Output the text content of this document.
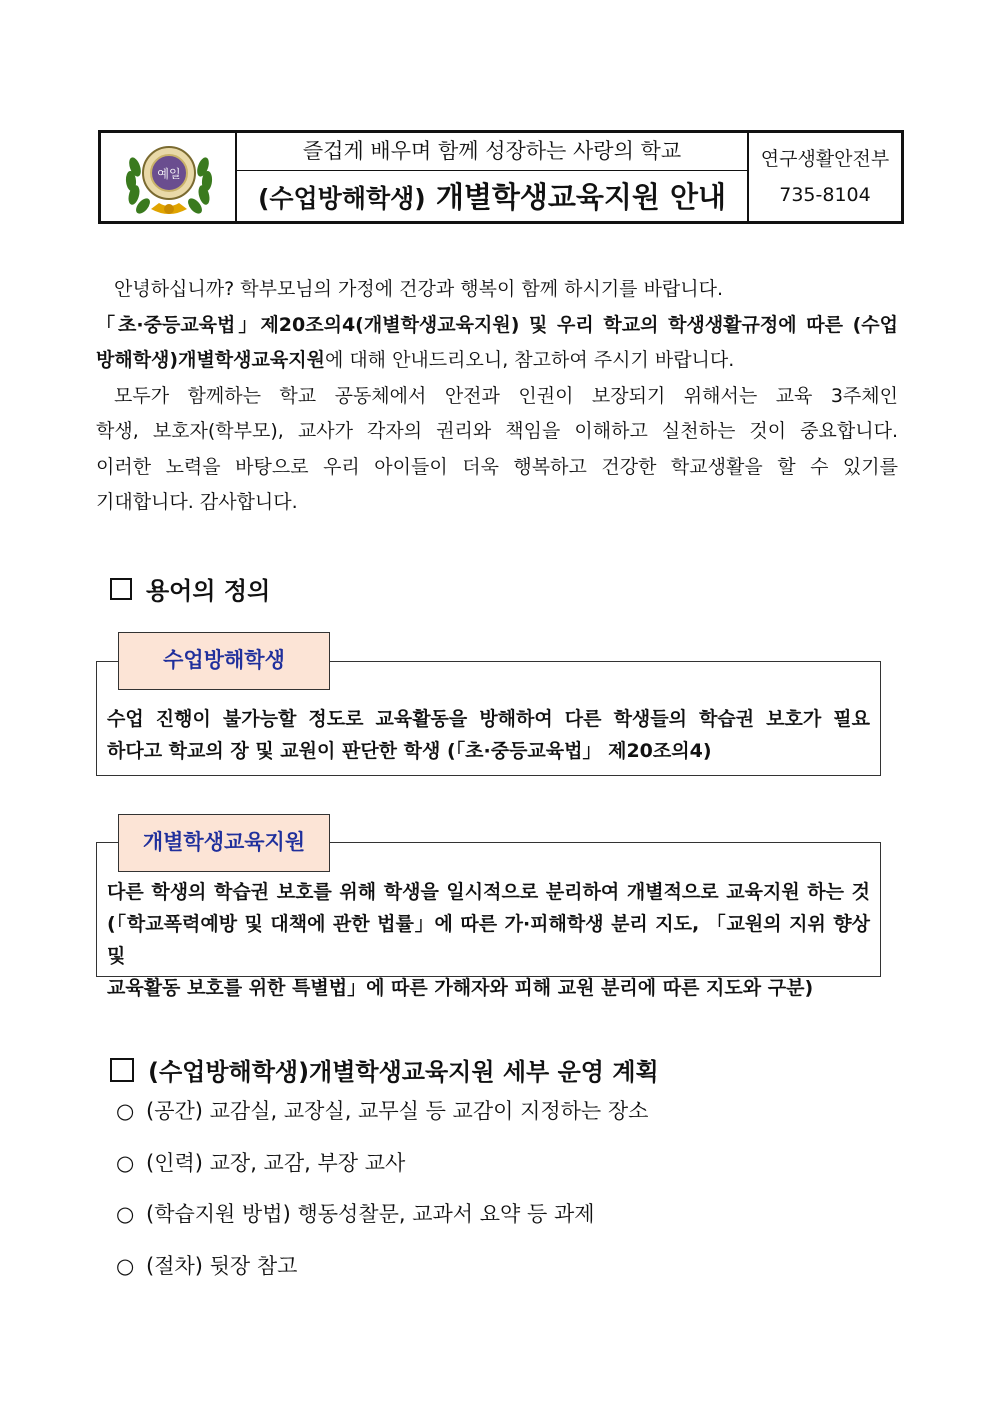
예일
즐겁게 배우며 함께 성장하는 사랑의 학교
(수업방해학생) 개별학생교육지원 안내
연구생활안전부
735-8104
안녕하십니까? 학부모님의 가정에 건강과 행복이 함께 하시기를 바랍니다.
「초·중등교육법」제20조의4(개별학생교육지원) 및 우리 학교의 학생생활규정에 따른 (수업
방해학생)개별학생교육지원에 대해 안내드리오니, 참고하여 주시기 바랍니다.
모두가 함께하는 학교 공동체에서 안전과 인권이 보장되기 위해서는 교육 3주체인
학생, 보호자(학부모), 교사가 각자의 권리와 책임을 이해하고 실천하는 것이 중요합니다.
이러한 노력을 바탕으로 우리 아이들이 더욱 행복하고 건강한 학교생활을 할 수 있기를
기대합니다. 감사합니다.
용어의 정의
수업 진행이 불가능할 정도로 교육활동을 방해하여 다른 학생들의 학습권 보호가 필요
하다고 학교의 장 및 교원이 판단한 학생 (「초·중등교육법」 제20조의4)
수업방해학생
다른 학생의 학습권 보호를 위해 학생을 일시적으로 분리하여 개별적으로 교육지원 하는 것
(「학교폭력예방 및 대책에 관한 법률」에 따른 가·피해학생 분리 지도, 「교원의 지위 향상 및
교육활동 보호를 위한 특별법」에 따른 가해자와 피해 교원 분리에 따른 지도와 구분)
개별학생교육지원
(수업방해학생)개별학생교육지원 세부 운영 계획
○ (공간) 교감실, 교장실, 교무실 등 교감이 지정하는 장소
○ (인력) 교장, 교감, 부장 교사
○ (학습지원 방법) 행동성찰문, 교과서 요약 등 과제
○ (절차) 뒷장 참고
